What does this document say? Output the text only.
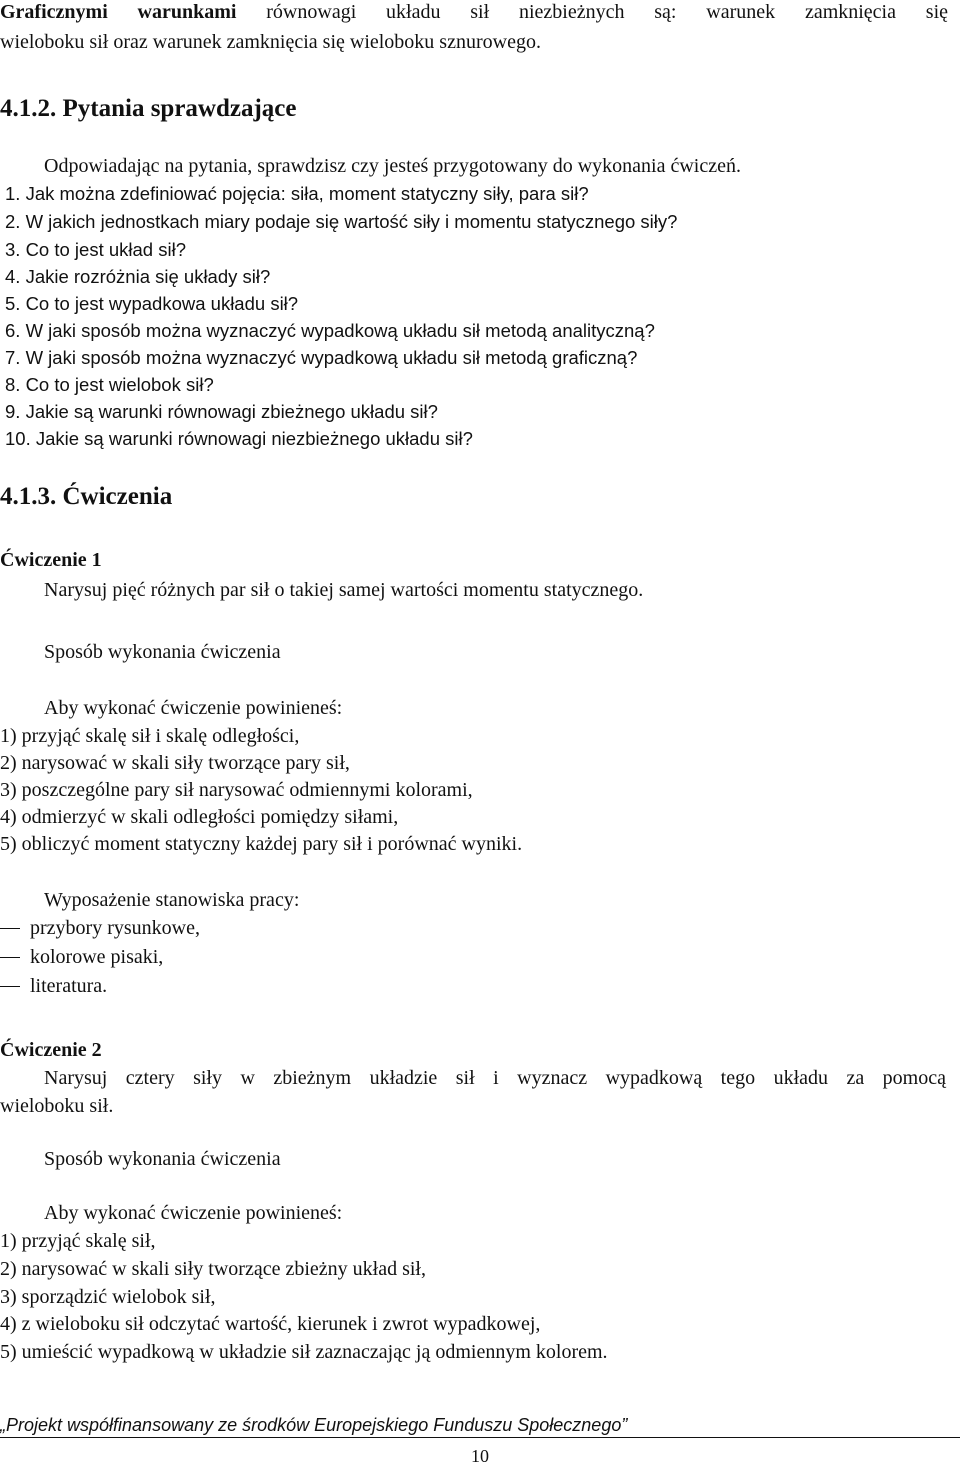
Graficznymi warunkami równowagi układu sił niezbieżnych są: warunek zamknięcia się
wieloboku sił oraz warunek zamknięcia się wieloboku sznurowego.
4.1.2. Pytania sprawdzające
Odpowiadając na pytania, sprawdzisz czy jesteś przygotowany do wykonania ćwiczeń.
1. Jak można zdefiniować pojęcia: siła, moment statyczny siły, para sił?
2. W jakich jednostkach miary podaje się wartość siły i momentu statycznego siły?
3. Co to jest układ sił?
4. Jakie rozróżnia się układy sił?
5. Co to jest wypadkowa układu sił?
6. W jaki sposób można wyznaczyć wypadkową układu sił metodą analityczną?
7. W jaki sposób można wyznaczyć wypadkową układu sił metodą graficzną?
8. Co to jest wielobok sił?
9. Jakie są warunki równowagi zbieżnego układu sił?
10. Jakie są warunki równowagi niezbieżnego układu sił?
4.1.3. Ćwiczenia
Ćwiczenie 1
Narysuj pięć różnych par sił o takiej samej wartości momentu statycznego.
Sposób wykonania ćwiczenia
Aby wykonać ćwiczenie powinieneś:
1) przyjąć skalę sił i skalę odległości,
2) narysować w skali siły tworzące pary sił,
3) poszczególne pary sił narysować odmiennymi kolorami,
4) odmierzyć w skali odległości pomiędzy siłami,
5) obliczyć moment statyczny każdej pary sił i porównać wyniki.
Wyposażenie stanowiska pracy:
przybory rysunkowe,
kolorowe pisaki,
literatura.
Ćwiczenie 2
Narysuj cztery siły w zbieżnym układzie sił i wyznacz wypadkową tego układu za pomocą
wieloboku sił.
Sposób wykonania ćwiczenia
Aby wykonać ćwiczenie powinieneś:
1) przyjąć skalę sił,
2) narysować w skali siły tworzące zbieżny układ sił,
3) sporządzić wielobok sił,
4) z wieloboku sił odczytać wartość, kierunek i zwrot wypadkowej,
5) umieścić wypadkową w układzie sił zaznaczając ją odmiennym kolorem.
„Projekt współfinansowany ze środków Europejskiego Funduszu Społecznego”
10
